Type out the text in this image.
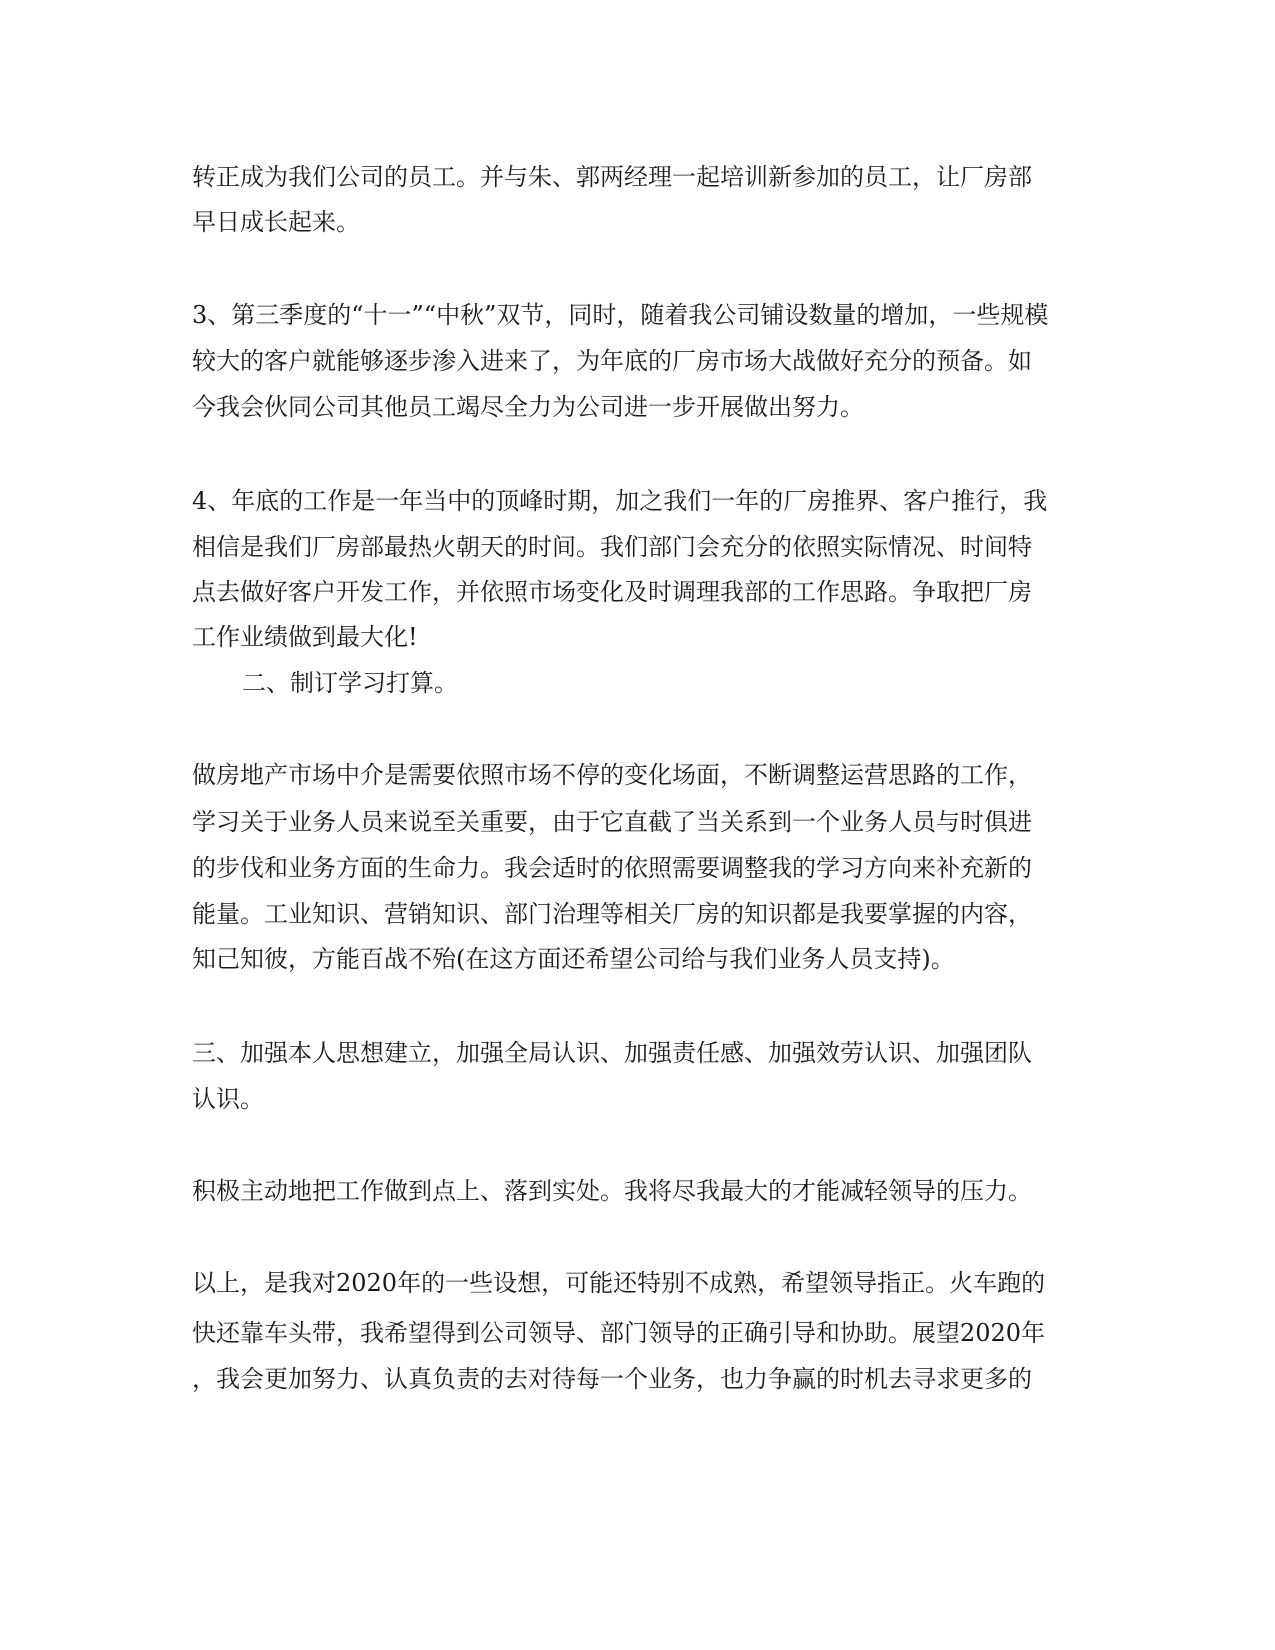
转正成为我们公司的员工。并与朱、郭两经理一起培训新参加的员工，让厂房部
早日成长起来。
3、第三季度的“十一”“中秋”双节，同时，随着我公司铺设数量的增加，一些规模
较大的客户就能够逐步渗入进来了，为年底的厂房市场大战做好充分的预备。如
今我会伙同公司其他员工竭尽全力为公司进一步开展做出努力。
4、年底的工作是一年当中的顶峰时期，加之我们一年的厂房推界、客户推行，我
相信是我们厂房部最热火朝天的时间。我们部门会充分的依照实际情况、时间特
点去做好客户开发工作，并依照市场变化及时调理我部的工作思路。争取把厂房
工作业绩做到最大化!
二、制订学习打算。
做房地产市场中介是需要依照市场不停的变化场面，不断调整运营思路的工作，
学习关于业务人员来说至关重要，由于它直截了当关系到一个业务人员与时俱进
的步伐和业务方面的生命力。我会适时的依照需要调整我的学习方向来补充新的
能量。工业知识、营销知识、部门治理等相关厂房的知识都是我要掌握的内容，
知己知彼，方能百战不殆(在这方面还希望公司给与我们业务人员支持)。
三、加强本人思想建立，加强全局认识、加强责任感、加强效劳认识、加强团队
认识。
积极主动地把工作做到点上、落到实处。我将尽我最大的才能减轻领导的压力。
以上，是我对2020年的一些设想，可能还特别不成熟，希望领导指正。火车跑的
快还靠车头带，我希望得到公司领导、部门领导的正确引导和协助。展望2020年
，我会更加努力、认真负责的去对待每一个业务，也力争赢的时机去寻求更多的
